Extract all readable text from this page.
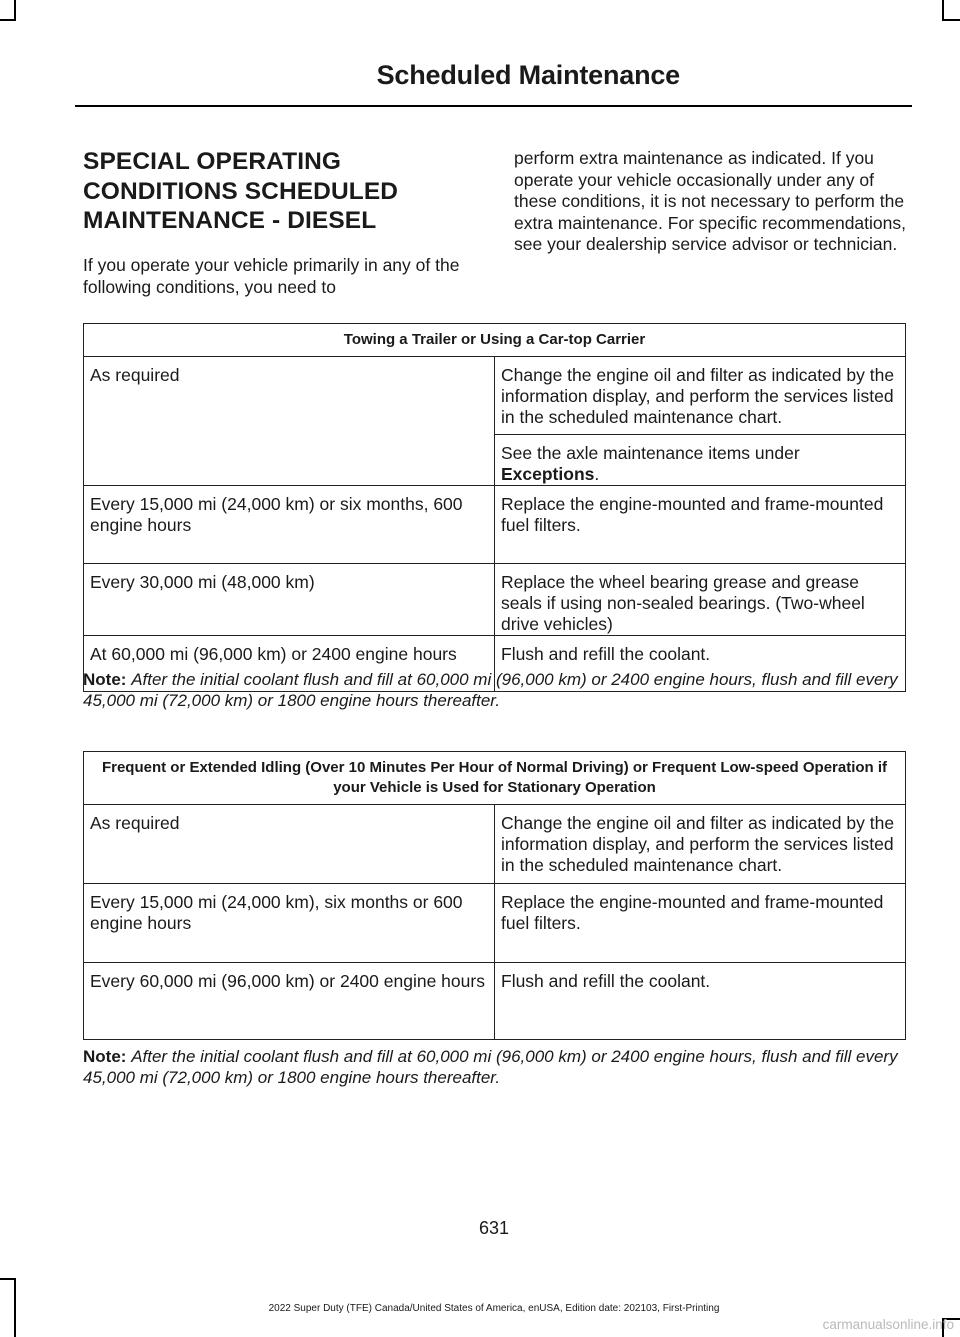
Scheduled Maintenance
SPECIAL OPERATING
CONDITIONS SCHEDULED
MAINTENANCE - DIESEL

If you operate your vehicle primarily in any of the following conditions, you need to

perform extra maintenance as indicated. If you operate your vehicle occasionally under any of these conditions, it is not necessary to perform the extra maintenance. For specific recommendations, see your dealership service advisor or technician.

Towing a Trailer or Using a Car-top Carrier	
As required	Change the engine oil and filter as indicated by the information display, and perform the services listed in the scheduled maintenance chart.
	See the axle maintenance items under Exceptions.
Every 15,000 mi (24,000 km) or six months, 600 engine hours	Replace the engine-mounted and frame-mounted fuel filters.
Every 30,000 mi (48,000 km)	Replace the wheel bearing grease and grease seals if using non-sealed bearings. (Two-wheel drive vehicles)
At 60,000 mi (96,000 km) or 2400 engine hours	Flush and refill the coolant.

Note: After the initial coolant flush and fill at 60,000 mi (96,000 km) or 2400 engine hours, flush and fill every 45,000 mi (72,000 km) or 1800 engine hours thereafter.

Frequent or Extended Idling (Over 10 Minutes Per Hour of Normal Driving) or Frequent Low-speed Operation if your Vehicle is Used for Stationary Operation	
As required	Change the engine oil and filter as indicated by the information display, and perform the services listed in the scheduled maintenance chart.
Every 15,000 mi (24,000 km), six months or 600 engine hours	Replace the engine-mounted and frame-mounted fuel filters.
Every 60,000 mi (96,000 km) or 2400 engine hours	Flush and refill the coolant.

Note: After the initial coolant flush and fill at 60,000 mi (96,000 km) or 2400 engine hours, flush and fill every 45,000 mi (72,000 km) or 1800 engine hours thereafter.

631
2022 Super Duty (TFE) Canada/United States of America, enUSA, Edition date: 202103, First-Printing
carmanualsonline.info
